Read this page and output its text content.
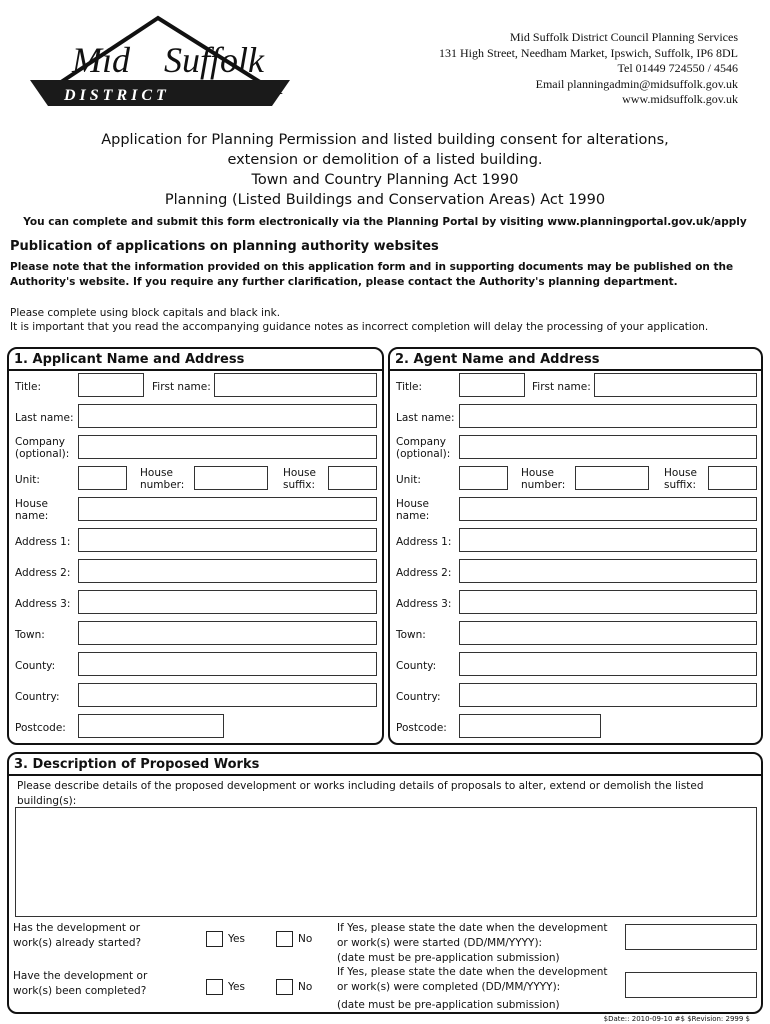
Mid Suffolk
D I S T R I C T
Mid Suffolk District Council Planning Services
131 High Street, Needham Market, Ipswich, Suffolk, IP6 8DL
Tel 01449 724550 / 4546
Email planningadmin@midsuffolk.gov.uk
www.midsuffolk.gov.uk
Application for Planning Permission and listed building consent for alterations,
extension or demolition of a listed building.
Town and Country Planning Act 1990
Planning (Listed Buildings and Conservation Areas) Act 1990
You can complete and submit this form electronically via the Planning Portal by visiting www.planningportal.gov.uk/apply
Publication of applications on planning authority websites
Please note that the information provided on this application form and in supporting documents may be published on the
Authority's website. If you require any further clarification, please contact the Authority's planning department.
Please complete using block capitals and black ink.
It is important that you read the accompanying guidance notes as incorrect completion will delay the processing of your application.
1. Applicant Name and Address
Title:	First name:
Last name:
Company
(optional):
Unit:
House
number:
House
suffix:
House
name:
Address 1:
Address 2:
Address 3:
Town:
County:
Country:
Postcode:
2. Agent Name and Address
Title:	First name:
Last name:
Company
(optional):
Unit:
House
number:
House
suffix:
House
name:
Address 1:
Address 2:
Address 3:
Town:
County:
Country:
Postcode:
3. Description of Proposed Works
Please describe details of the proposed development or works including details of proposals to alter, extend or demolish the listed
building(s):
Has the development or
work(s) already started?	Yes	No
If Yes, please state the date when the development
or work(s) were started (DD/MM/YYYY):
(date must be pre-application submission)
Have the development or
work(s) been completed?	Yes	No
If Yes, please state the date when the development
or work(s) were completed (DD/MM/YYYY):
(date must be pre-application submission)
$Date:: 2010-09-10 #$ $Revision: 2999 $
